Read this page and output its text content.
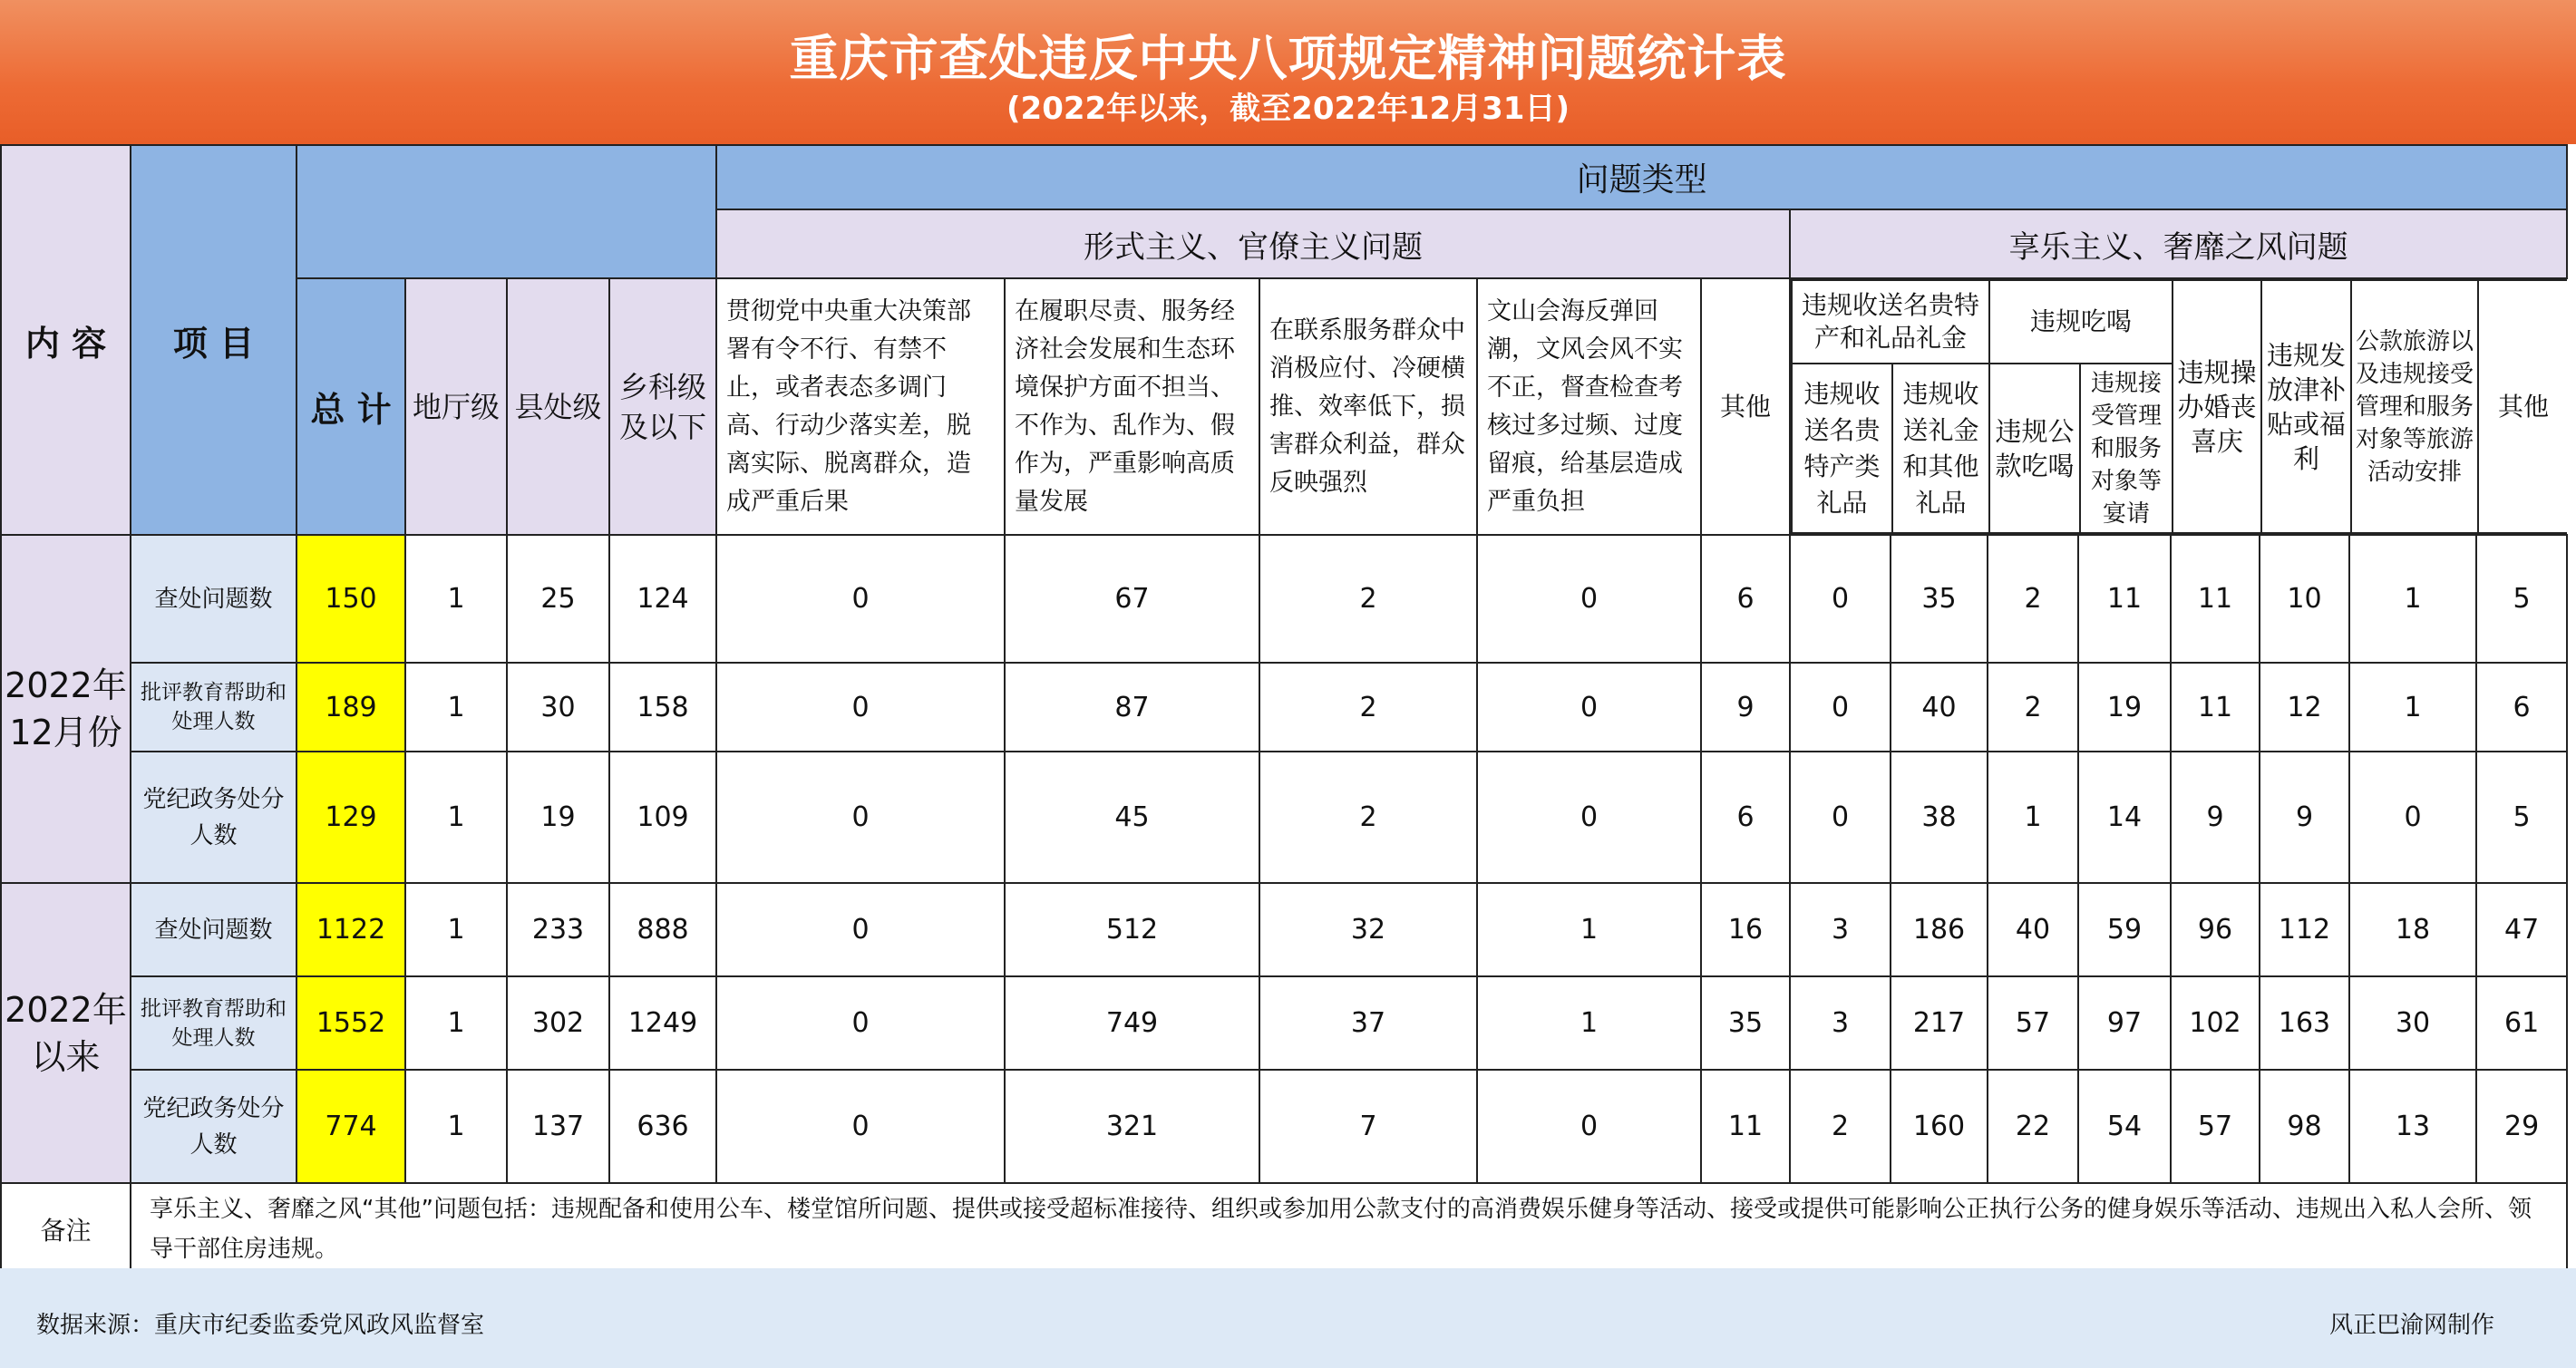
重庆市查处违反中央八项规定精神问题统计表
(2022年以来，截至2022年12月31日)
内 容	项 目		问题类型
形式主义、官僚主义问题	享乐主义、奢靡之风问题
总 计	地厅级	县处级	乡科级及以下	贯彻党中央重大决策部署有令不行、有禁不止，或者表态多调门高、行动少落实差，脱离实际、脱离群众，造成严重后果	在履职尽责、服务经济社会发展和生态环境保护方面不担当、不作为、乱作为、假作为，严重影响高质量发展	在联系服务群众中消极应付、冷硬横推、效率低下，损害群众利益，群众反映强烈	文山会海反弹回潮，文风会风不实不正，督查检查考核过多过频、过度留痕，给基层造成严重负担	其他	
违规收送名贵特产和礼品礼金	违规吃喝	违规操办婚丧喜庆	违规发放津补贴或福利	公款旅游以及违规接受管理和服务对象等旅游活动安排	其他
违规收送名贵特产类礼品	违规收送礼金和其他礼品	违规公款吃喝	违规接受管理和服务对象等宴请

2022年12月份	查处问题数	150	1	25	124	0	67	2	0	6	0	35	2	11	11	10	1	5
批评教育帮助和处理人数	189	1	30	158	0	87	2	0	9	0	40	2	19	11	12	1	6
党纪政务处分人数	129	1	19	109	0	45	2	0	6	0	38	1	14	9	9	0	5
2022年以来	查处问题数	1122	1	233	888	0	512	32	1	16	3	186	40	59	96	112	18	47
批评教育帮助和处理人数	1552	1	302	1249	0	749	37	1	35	3	217	57	97	102	163	30	61
党纪政务处分人数	774	1	137	636	0	321	7	0	11	2	160	22	54	57	98	13	29
备注	享乐主义、奢靡之风“其他”问题包括：违规配备和使用公车、楼堂馆所问题、提供或接受超标准接待、组织或参加用公款支付的高消费娱乐健身等活动、接受或提供可能影响公正执行公务的健身娱乐等活动、违规出入私人会所、领导干部住房违规。
数据来源：重庆市纪委监委党风政风监督室	风正巴渝网制作
